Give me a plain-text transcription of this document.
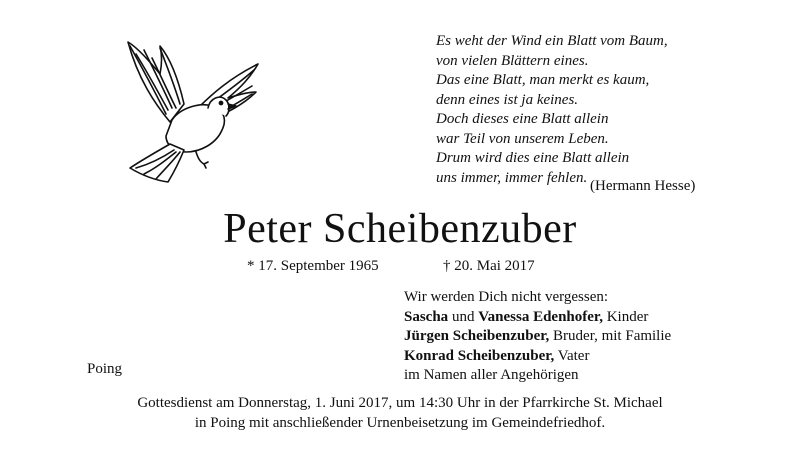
Es weht der Wind ein Blatt vom Baum,
von vielen Blättern eines.
Das eine Blatt, man merkt es kaum,
denn eines ist ja keines.
Doch dieses eine Blatt allein
war Teil von unserem Leben.
Drum wird dies eine Blatt allein
uns immer, immer fehlen.
(Hermann Hesse)
Peter Scheibenzuber
* 17. September 1965	† 20. Mai 2017
Wir werden Dich nicht vergessen:
Sascha und Vanessa Edenhofer, Kinder
Jürgen Scheibenzuber, Bruder, mit Familie
Konrad Scheibenzuber, Vater
im Namen aller Angehörigen
Poing
Gottesdienst am Donnerstag, 1. Juni 2017, um 14:30 Uhr in der Pfarrkirche St. Michael
in Poing mit anschließender Urnenbeisetzung im Gemeindefriedhof.
